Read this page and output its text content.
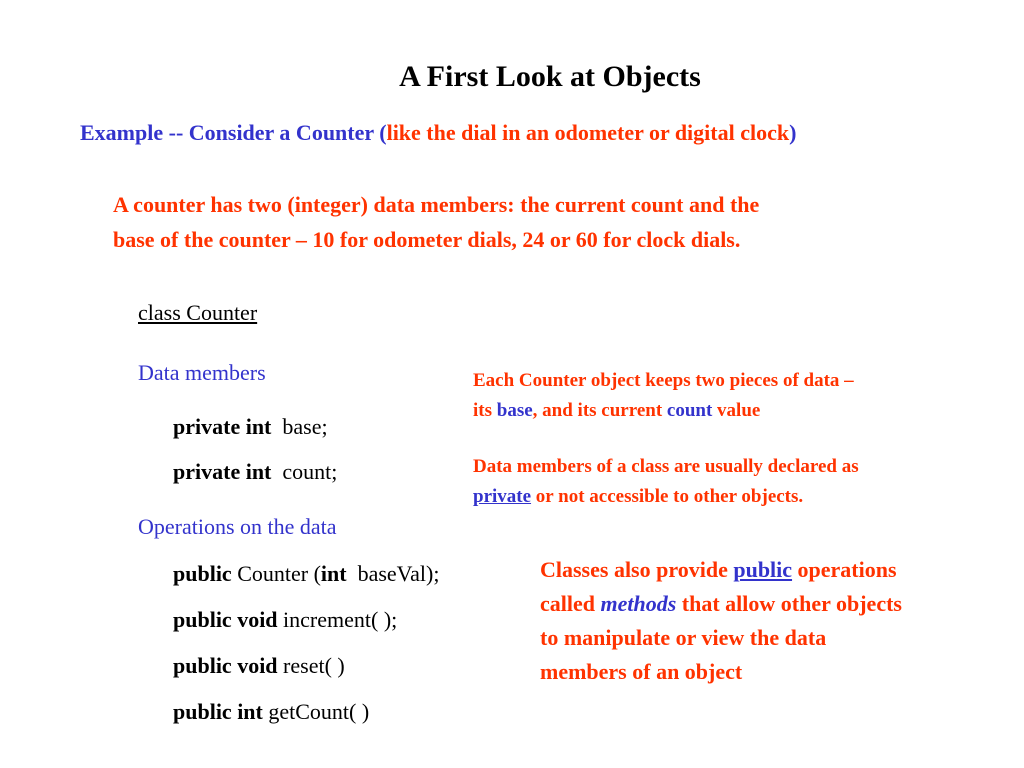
A First Look at Objects
Example -- Consider a Counter (like the dial in an odometer or digital clock)
A counter has two (integer) data members: the current count and the
base of the counter – 10 for odometer dials, 24 or 60 for clock dials.
class Counter
Data members
private int  base;
private int  count;
Operations on the data
public Counter (int  baseVal);
public void increment( );
public void reset( )
public int getCount( )
Each Counter object keeps two pieces of data –
its base, and its current count value
Data members of a class are usually declared as
private or not accessible to other objects.
Classes also provide public operations
called methods that allow other objects
to manipulate or view the data
members of an object
